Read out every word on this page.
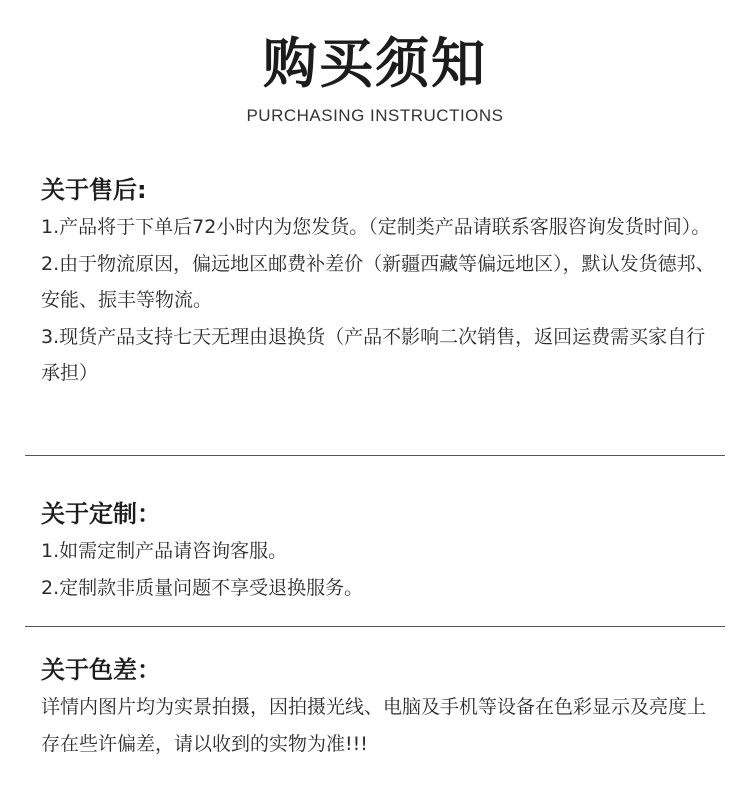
购买须知
PURCHASING INSTRUCTIONS

关于售后:

1.产品将于下单后72小时内为您发货。（定制类产品请联系客服咨询发货时间）。

2.由于物流原因，偏远地区邮费补差价（新疆西藏等偏远地区），默认发货德邦、安能、振丰等物流。

3.现货产品支持七天无理由退换货（产品不影响二次销售，返回运费需买家自行承担）

关于定制：

1.如需定制产品请咨询客服。

2.定制款非质量问题不享受退换服务。

关于色差：

详情内图片均为实景拍摄，因拍摄光线、电脑及手机等设备在色彩显示及亮度上存在些许偏差，请以收到的实物为准!!!
